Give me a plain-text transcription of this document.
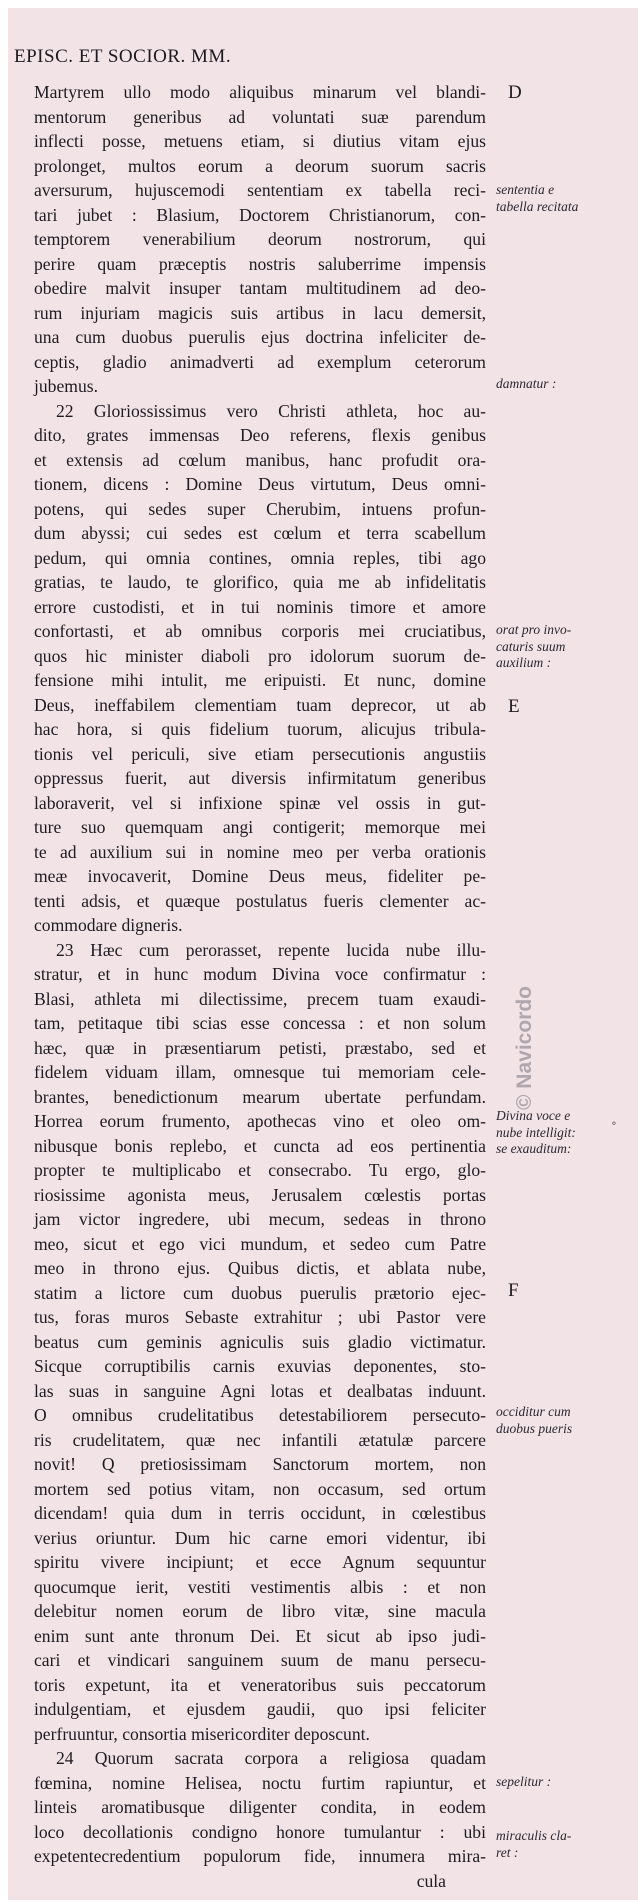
EPISC. ET SOCIOR. MM.
Martyrem ullo modo aliquibus minarum vel blandi-
mentorum generibus ad voluntati suæ parendum
inflecti posse, metuens etiam, si diutius vitam ejus
prolonget, multos eorum a deorum suorum sacris
aversurum, hujuscemodi sententiam ex tabella reci-
tari jubet : Blasium, Doctorem Christianorum, con-
temptorem venerabilium deorum nostrorum, qui
perire quam præceptis nostris saluberrime impensis
obedire malvit insuper tantam multitudinem ad deo-
rum injuriam magicis suis artibus in lacu demersit,
una cum duobus puerulis ejus doctrina infeliciter de-
ceptis, gladio animadverti ad exemplum ceterorum
jubemus.
22 Gloriossissimus vero Christi athleta, hoc au-
dito, grates immensas Deo referens, flexis genibus
et extensis ad cœlum manibus, hanc profudit ora-
tionem, dicens : Domine Deus virtutum, Deus omni-
potens, qui sedes super Cherubim, intuens profun-
dum abyssi; cui sedes est cœlum et terra scabellum
pedum, qui omnia contines, omnia reples, tibi ago
gratias, te laudo, te glorifico, quia me ab infidelitatis
errore custodisti, et in tui nominis timore et amore
confortasti, et ab omnibus corporis mei cruciatibus,
quos hic minister diaboli pro idolorum suorum de-
fensione mihi intulit, me eripuisti. Et nunc, domine
Deus, ineffabilem clementiam tuam deprecor, ut ab
hac hora, si quis fidelium tuorum, alicujus tribula-
tionis vel periculi, sive etiam persecutionis angustiis
oppressus fuerit, aut diversis infirmitatum generibus
laboraverit, vel si infixione spinæ vel ossis in gut-
ture suo quemquam angi contigerit; memorque mei
te ad auxilium sui in nomine meo per verba orationis
meæ invocaverit, Domine Deus meus, fideliter pe-
tenti adsis, et quæque postulatus fueris clementer ac-
commodare digneris.
23 Hæc cum perorasset, repente lucida nube illu-
stratur, et in hunc modum Divina voce confirmatur :
Blasi, athleta mi dilectissime, precem tuam exaudi-
tam, petitaque tibi scias esse concessa : et non solum
hæc, quæ in præsentiarum petisti, præstabo, sed et
fidelem viduam illam, omnesque tui memoriam cele-
brantes, benedictionum mearum ubertate perfundam.
Horrea eorum frumento, apothecas vino et oleo om-
nibusque bonis replebo, et cuncta ad eos pertinentia
propter te multiplicabo et consecrabo. Tu ergo, glo-
riosissime agonista meus, Jerusalem cœlestis portas
jam victor ingredere, ubi mecum, sedeas in throno
meo, sicut et ego vici mundum, et sedeo cum Patre
meo in throno ejus. Quibus dictis, et ablata nube,
statim a lictore cum duobus puerulis prætorio ejec-
tus, foras muros Sebaste extrahitur ; ubi Pastor vere
beatus cum geminis agniculis suis gladio victimatur.
Sicque corruptibilis carnis exuvias deponentes, sto-
las suas in sanguine Agni lotas et dealbatas induunt.
O omnibus crudelitatibus detestabiliorem persecuto-
ris crudelitatem, quæ nec infantili ætatulæ parcere
novit! Q pretiosissimam Sanctorum mortem, non
mortem sed potius vitam, non occasum, sed ortum
dicendam! quia dum in terris occidunt, in cœlestibus
verius oriuntur. Dum hic carne emori videntur, ibi
spiritu vivere incipiunt; et ecce Agnum sequuntur
quocumque ierit, vestiti vestimentis albis : et non
delebitur nomen eorum de libro vitæ, sine macula
enim sunt ante thronum Dei. Et sicut ab ipso judi-
cari et vindicari sanguinem suum de manu persecu-
toris expetunt, ita et veneratoribus suis peccatorum
indulgentiam, et ejusdem gaudii, quo ipsi feliciter
perfruuntur, consortia misericorditer deposcunt.
24 Quorum sacrata corpora a religiosa quadam
fœmina, nomine Helisea, noctu furtim rapiuntur, et
linteis aromatibusque diligenter condita, in eodem
loco decollationis condigno honore tumulantur : ubi
expetentecredentium populorum fide, innumera mira-
cula
D
E
F
sententia e
tabella recitata
damnatur :
orat pro invo-
caturis suum
auxilium :
Divina voce e
nube intelligit:
se exauditum:
occiditur cum
duobus pueris
sepelitur :
miraculis cla-
ret :
© Navicordo
∘
